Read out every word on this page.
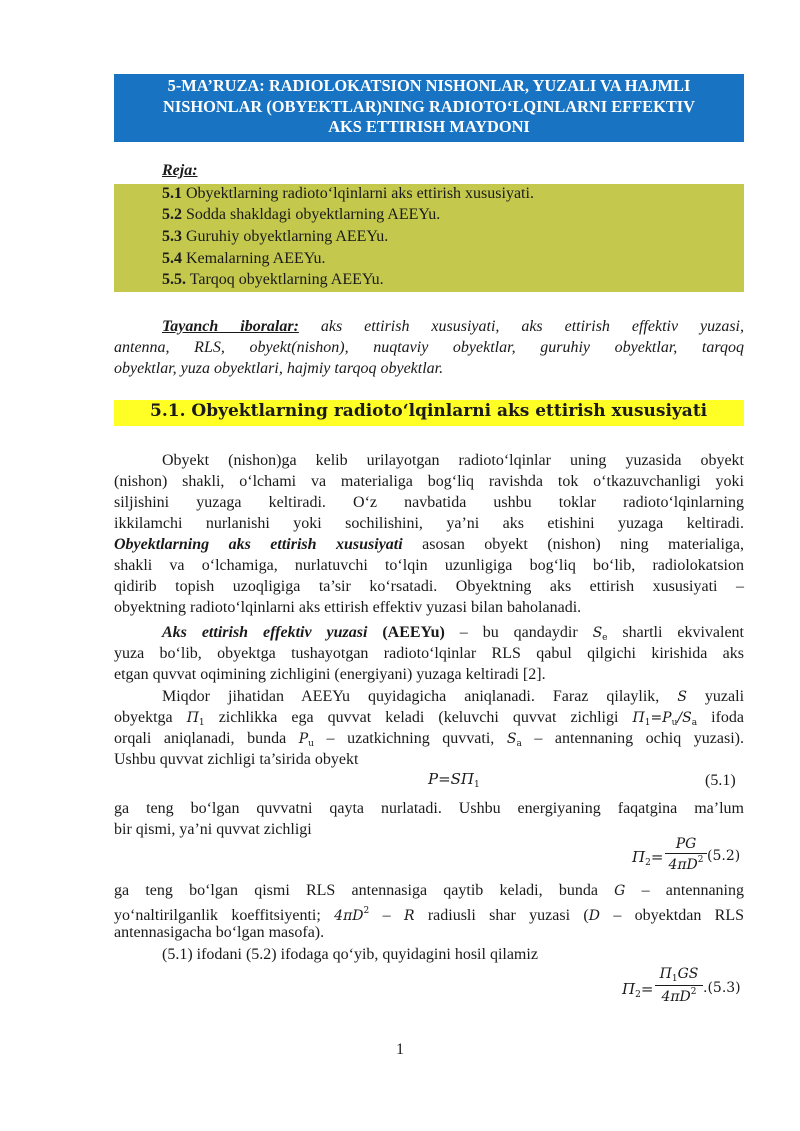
5-MA’RUZA: RADIOLOKATSION NISHONLAR, YUZALI VA HAJMLI
NISHONLAR (OBYEKTLAR)NING RADIOTO‘LQINLARNI EFFEKTIV
AKS ETTIRISH MAYDONI
Reja:
5.1 Obyektlarning radioto‘lqinlarni aks ettirish xususiyati.
5.2 Sodda shakldagi obyektlarning AEEYu.
5.3 Guruhiy obyektlarning AEEYu.
5.4 Kemalarning AEEYu.
5.5. Tarqoq obyektlarning AEEYu.
Tayanch iboralar: aks ettirish xususiyati, aks ettirish effektiv yuzasi,
antenna, RLS, obyekt(nishon), nuqtaviy obyektlar, guruhiy obyektlar, tarqoq
obyektlar, yuza obyektlari, hajmiy tarqoq obyektlar.
5.1. Obyektlarning radioto‘lqinlarni aks ettirish xususiyati
Obyekt (nishon)ga kelib urilayotgan radioto‘lqinlar uning yuzasida obyekt
(nishon) shakli, o‘lchami va materialiga bog‘liq ravishda tok o‘tkazuvchanligi yoki
siljishini yuzaga keltiradi. O‘z navbatida ushbu toklar radioto‘lqinlarning
ikkilamchi nurlanishi yoki sochilishini, ya’ni aks etishini yuzaga keltiradi.
Obyektlarning aks ettirish xususiyati asosan obyekt (nishon) ning materialiga,
shakli va o‘lchamiga, nurlatuvchi to‘lqin uzunligiga bog‘liq bo‘lib, radiolokatsion
qidirib topish uzoqligiga ta’sir ko‘rsatadi. Obyektning aks ettirish xususiyati –
obyektning radioto‘lqinlarni aks ettirish effektiv yuzasi bilan baholanadi.
Aks ettirish effektiv yuzasi (AEEYu) – bu qandaydir $S_e$ shartli ekvivalent
yuza bo‘lib, obyektga tushayotgan radioto‘lqinlar RLS qabul qilgichi kirishida aks
etgan quvvat oqimining zichligini (energiyani) yuzaga keltiradi [2].
Miqdor jihatidan AEEYu quyidagicha aniqlanadi. Faraz qilaylik, S yuzali
obyektga $\Pi_1$ zichlikka ega quvvat keladi (keluvchi quvvat zichligi $\Pi_1=P_u/S_a$ ifoda
orqali aniqlanadi, bunda $P_u$ – uzatkichning quvvati, $S_a$ – antennaning ochiq yuzasi).
Ushbu quvvat zichligi ta’sirida obyekt
$P=S\Pi_1$	(5.1)
ga teng bo‘lgan quvvatni qayta nurlatadi. Ushbu energiyaning faqatgina ma’lum
bir qismi, ya’ni quvvat zichligi
$\Pi_2=$
PG
$4\pi D^2$ (5.2)
ga teng bo‘lgan qismi RLS antennasiga qaytib keladi, bunda G – antennaning
yo‘naltirilganlik koeffitsiyenti; $4\pi D^2$ – R radiusli shar yuzasi (D – obyektdan RLS
antennasigacha bo‘lgan masofa).
(5.1) ifodani (5.2) ifodaga qo‘yib, quyidagini hosil qilamiz
$\Pi_2=$
$\Pi_1GS$
$4\pi D^2$ .(5.3)
1
